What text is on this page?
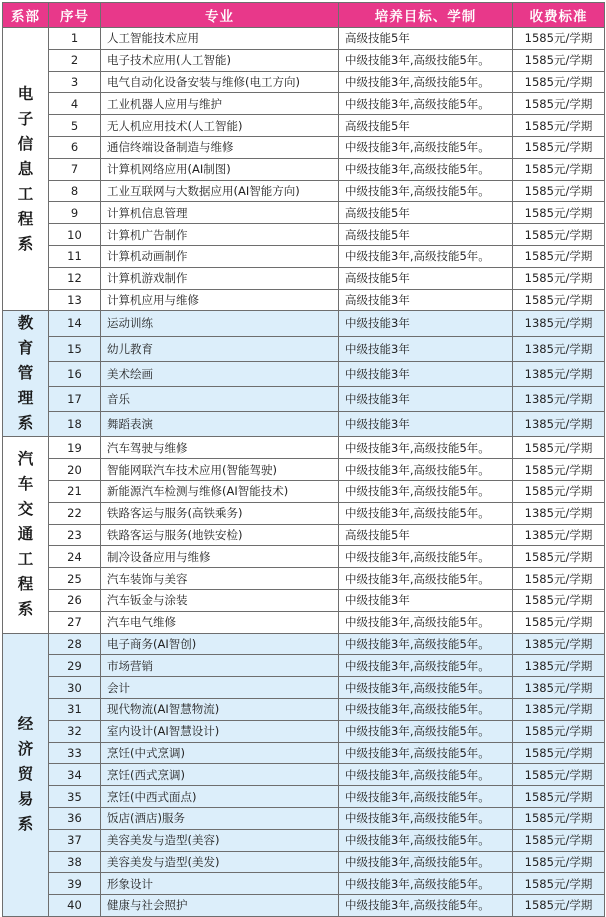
系部	序号	专业	培养目标、学制	收费标准
电子信息工程系	1	人工智能技术应用	高级技能5年	1585元/学期
	2	电子技术应用(人工智能)	中级技能3年,高级技能5年。	1585元/学期
	3	电气自动化设备安装与维修(电工方向)	中级技能3年,高级技能5年。	1585元/学期
	4	工业机器人应用与维护	中级技能3年,高级技能5年。	1585元/学期
	5	无人机应用技术(人工智能)	高级技能5年	1585元/学期
	6	通信终端设备制造与维修	中级技能3年,高级技能5年。	1585元/学期
	7	计算机网络应用(AI制图)	中级技能3年,高级技能5年。	1585元/学期
	8	工业互联网与大数据应用(AI智能方向)	中级技能3年,高级技能5年。	1585元/学期
	9	计算机信息管理	高级技能5年	1585元/学期
	10	计算机广告制作	高级技能5年	1585元/学期
	11	计算机动画制作	中级技能3年,高级技能5年。	1585元/学期
	12	计算机游戏制作	高级技能5年	1585元/学期
	13	计算机应用与维修	高级技能3年	1585元/学期
教育管理系	14	运动训练	中级技能3年	1385元/学期
	15	幼儿教育	中级技能3年	1385元/学期
	16	美术绘画	中级技能3年	1385元/学期
	17	音乐	中级技能3年	1385元/学期
	18	舞蹈表演	中级技能3年	1385元/学期
汽车交通工程系	19	汽车驾驶与维修	中级技能3年,高级技能5年。	1585元/学期
	20	智能网联汽车技术应用(智能驾驶)	中级技能3年,高级技能5年。	1585元/学期
	21	新能源汽车检测与维修(AI智能技术)	中级技能3年,高级技能5年。	1585元/学期
	22	铁路客运与服务(高铁乘务)	中级技能3年,高级技能5年。	1385元/学期
	23	铁路客运与服务(地铁安检)	高级技能5年	1385元/学期
	24	制冷设备应用与维修	中级技能3年,高级技能5年。	1585元/学期
	25	汽车装饰与美容	中级技能3年,高级技能5年。	1585元/学期
	26	汽车钣金与涂装	中级技能3年	1585元/学期
	27	汽车电气维修	中级技能3年,高级技能5年。	1585元/学期
经济贸易系	28	电子商务(AI智创)	中级技能3年,高级技能5年。	1385元/学期
	29	市场营销	中级技能3年,高级技能5年。	1385元/学期
	30	会计	中级技能3年,高级技能5年。	1385元/学期
	31	现代物流(AI智慧物流)	中级技能3年,高级技能5年。	1385元/学期
	32	室内设计(AI智慧设计)	中级技能3年,高级技能5年。	1585元/学期
	33	烹饪(中式烹调)	中级技能3年,高级技能5年。	1585元/学期
	34	烹饪(西式烹调)	中级技能3年,高级技能5年。	1585元/学期
	35	烹饪(中西式面点)	中级技能3年,高级技能5年。	1585元/学期
	36	饭店(酒店)服务	中级技能3年,高级技能5年。	1585元/学期
	37	美容美发与造型(美容)	中级技能3年,高级技能5年。	1585元/学期
	38	美容美发与造型(美发)	中级技能3年,高级技能5年。	1585元/学期
	39	形象设计	中级技能3年,高级技能5年。	1585元/学期
	40	健康与社会照护	中级技能3年,高级技能5年。	1585元/学期
